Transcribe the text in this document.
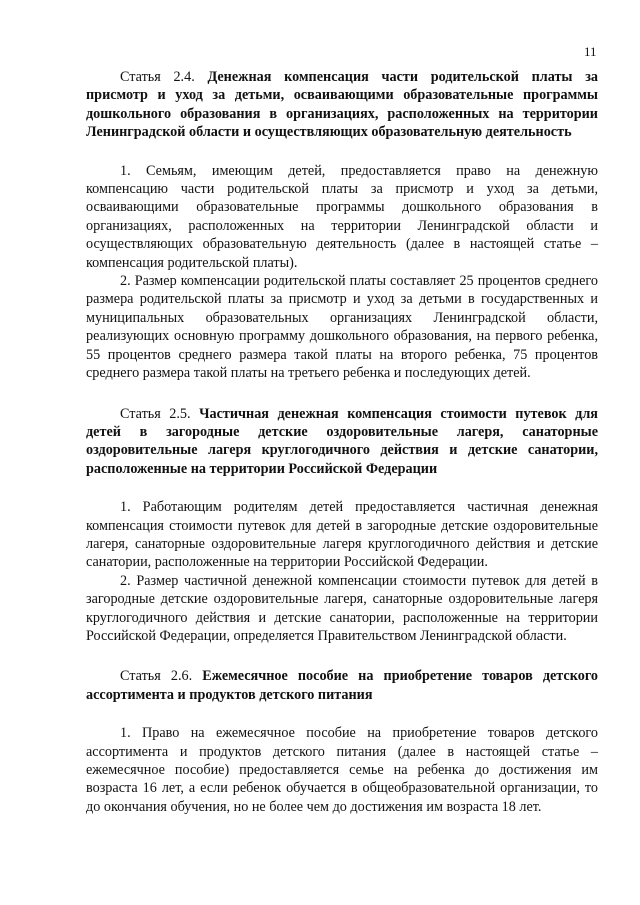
11

Статья 2.4. Денежная компенсация части родительской платы за присмотр и уход за детьми, осваивающими образовательные программы дошкольного образования в организациях, расположенных на территории Ленинградской области и осуществляющих образовательную деятельность

1. Семьям, имеющим детей, предоставляется право на денежную компенсацию части родительской платы за присмотр и уход за детьми, осваивающими образовательные программы дошкольного образования в организациях, расположенных на территории Ленинградской области и осуществляющих образовательную деятельность (далее в настоящей статье – компенсация родительской платы).

2. Размер компенсации родительской платы составляет 25 процентов среднего размера родительской платы за присмотр и уход за детьми в государственных и муниципальных образовательных организациях Ленинградской области, реализующих основную программу дошкольного образования, на первого ребенка, 55 процентов среднего размера такой платы на второго ребенка, 75 процентов среднего размера такой платы на третьего ребенка и последующих детей.

Статья 2.5. Частичная денежная компенсация стоимости путевок для детей в загородные детские оздоровительные лагеря, санаторные оздоровительные лагеря круглогодичного действия и детские санатории, расположенные на территории Российской Федерации

1. Работающим родителям детей предоставляется частичная денежная компенсация стоимости путевок для детей в загородные детские оздоровительные лагеря, санаторные оздоровительные лагеря круглогодичного действия и детские санатории, расположенные на территории Российской Федерации.

2. Размер частичной денежной компенсации стоимости путевок для детей в загородные детские оздоровительные лагеря, санаторные оздоровительные лагеря круглогодичного действия и детские санатории, расположенные на территории Российской Федерации, определяется Правительством Ленинградской области.

Статья 2.6. Ежемесячное пособие на приобретение товаров детского ассортимента и продуктов детского питания

1. Право на ежемесячное пособие на приобретение товаров детского ассортимента и продуктов детского питания (далее в настоящей статье – ежемесячное пособие) предоставляется семье на ребенка до достижения им возраста 16 лет, а если ребенок обучается в общеобразовательной организации, то до окончания обучения, но не более чем до достижения им возраста 18 лет.
